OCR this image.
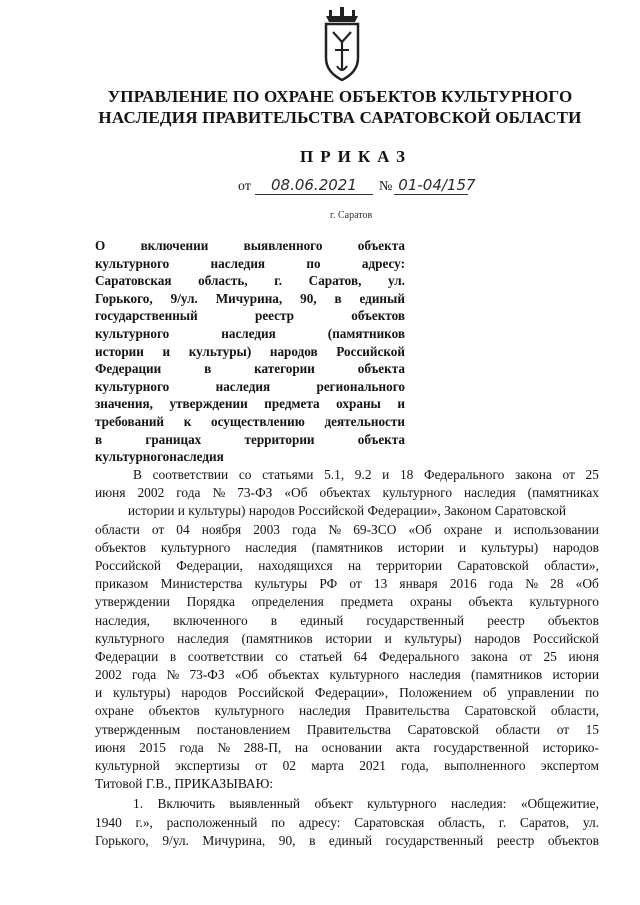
УПРАВЛЕНИЕ ПО ОХРАНЕ ОБЪЕКТОВ КУЛЬТУРНОГО
НАСЛЕДИЯ ПРАВИТЕЛЬСТВА САРАТОВСКОЙ ОБЛАСТИ
ПРИКАЗ
от 08.06.2021 № 01-04/157
г. Саратов
О	включении	выявленного	объекта
культурного	наследия	по	адресу:
Саратовская область, г. Саратов, ул.
Горького, 9/ул. Мичурина, 90, в единый
государственный	реестр	объектов
культурного	наследия	(памятников
истории и культуры) народов Российской
Федерации	в	категории	объекта
культурного	наследия	регионального
значения, утверждении предмета охраны и
требований к осуществлению деятельности
в	границах	территории	объекта
культурного наследия
В соответствии со статьями 5.1, 9.2 и 18 Федерального закона от 25
июня 2002 года № 73-ФЗ «Об объектах культурного наследия (памятниках
истории и культуры) народов Российской Федерации», Законом Саратовской
области от 04 ноября 2003 года № 69-ЗСО «Об охране и использовании
объектов культурного наследия (памятников истории и культуры) народов
Российской Федерации, находящихся на территории Саратовской области»,
приказом Министерства культуры РФ от 13 января 2016 года № 28 «Об
утверждении Порядка определения предмета охраны объекта культурного
наследия, включенного в единый государственный реестр объектов
культурного наследия (памятников истории и культуры) народов Российской
Федерации в соответствии со статьей 64 Федерального закона от 25 июня
2002 года № 73-ФЗ «Об объектах культурного наследия (памятников истории
и культуры) народов Российской Федерации», Положением об управлении по
охране объектов культурного наследия Правительства Саратовской области,
утвержденным постановлением Правительства Саратовской области от 15
июня 2015 года № 288-П, на основании акта государственной историко-
культурной экспертизы от 02 марта 2021 года, выполненного экспертом
Титовой Г.В., ПРИКАЗЫВАЮ:
1. Включить выявленный объект культурного наследия: «Общежитие,
1940 г.», расположенный по адресу: Саратовская область, г. Саратов, ул.
Горького, 9/ул. Мичурина, 90, в единый государственный реестр объектов
